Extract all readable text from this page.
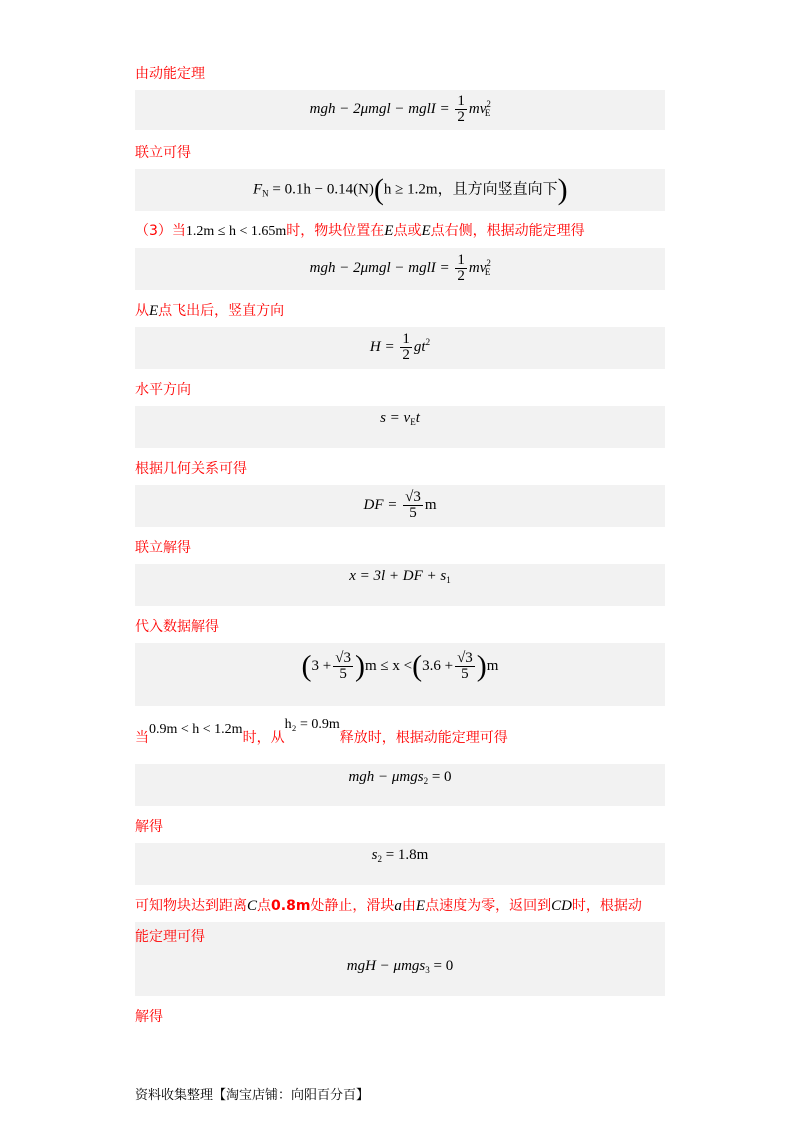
由动能定理
mgh − 2μmgl − mglI = $\frac{1}{2} mv^2_E$
联立可得
$F_N = 0.1h - 0.14(N)(h \ge 1.2m$，且方向竖直向下)
（3）当1.2m ≤ h < 1.65m时，物块位置在E点或E点右侧，根据动能定理得
mgh − 2μmgl − mglI = $\frac{1}{2} mv^2_E$
从E点飞出后，竖直方向
$H = \frac{1}{2} gt^2$
水平方向
$s = v_Et$
根据几何关系可得
DF = $\frac{√3}{5}$ m
联立解得
x = 3l + DF + $s_1$
代入数据解得
$(3 + \frac{√3}{5} )m \le x <(3.6 + \frac{√3}{5} )m$
当0.9m < h < 1.2m时，从h₂ = 0.9m释放时，根据动能定理可得
mgh − μmgs$_2$ = 0
解得
$s_2 = 1.8m$
可知物块达到距离C点0.8m处静止，滑块a由E点速度为零，返回到CD时，根据动
能定理可得
mgH − μmgs$_3$ = 0
解得
资料收集整理【淘宝店铺：向阳百分百】
